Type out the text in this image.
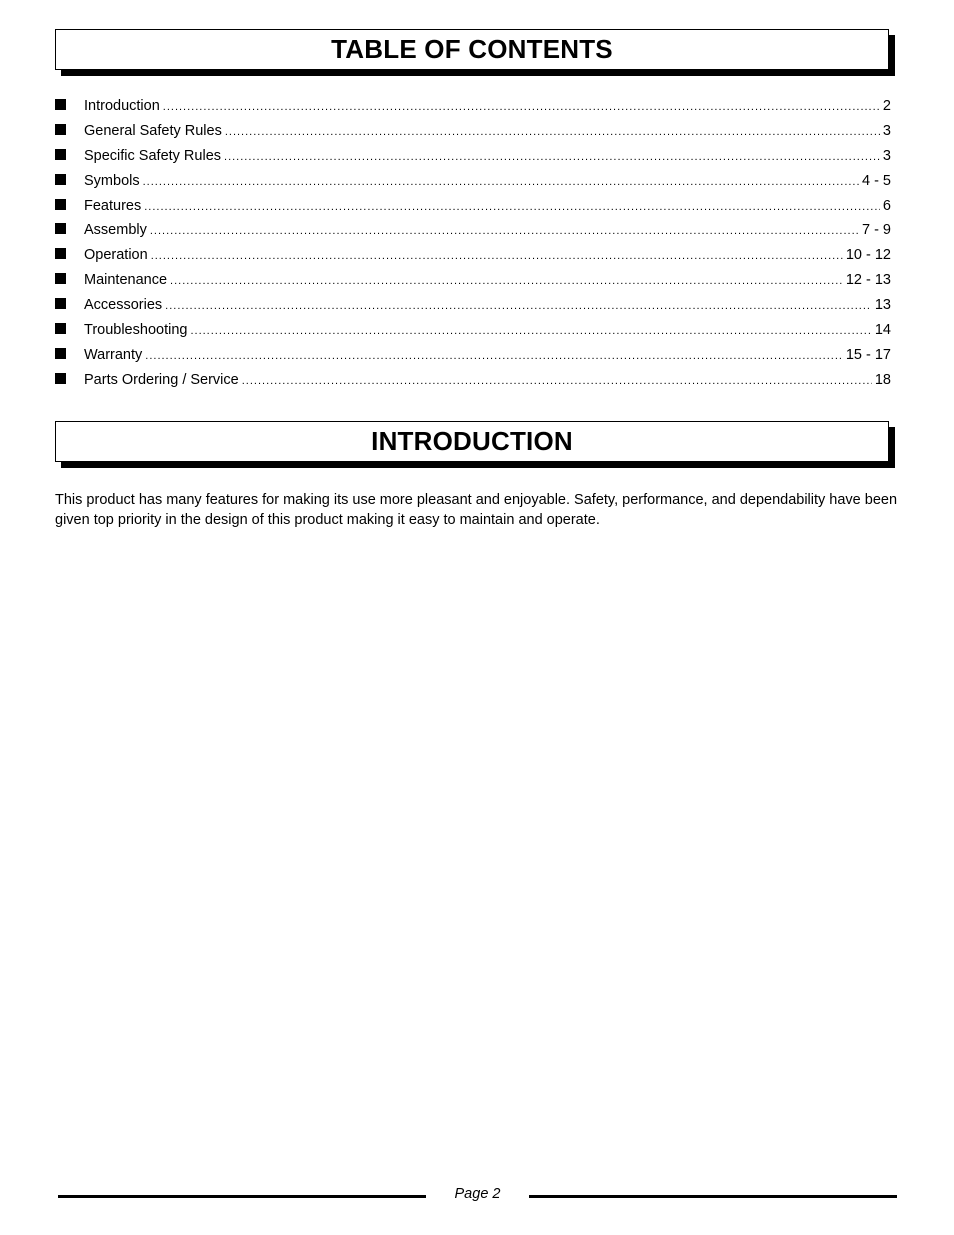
TABLE OF CONTENTS
Introduction .....	2
General Safety Rules .....	3
Specific Safety Rules .....	3
Symbols .....	4 - 5
Features .....	6
Assembly .....	7 - 9
Operation .....	10 - 12
Maintenance .....	12 - 13
Accessories .....	13
Troubleshooting .....	14
Warranty .....	15 - 17
Parts Ordering / Service .....	18
INTRODUCTION

This product has many features for making its use more pleasant and enjoyable. Safety, performance, and dependability have been given top priority in the design of this product making it easy to maintain and operate.

Page 2
